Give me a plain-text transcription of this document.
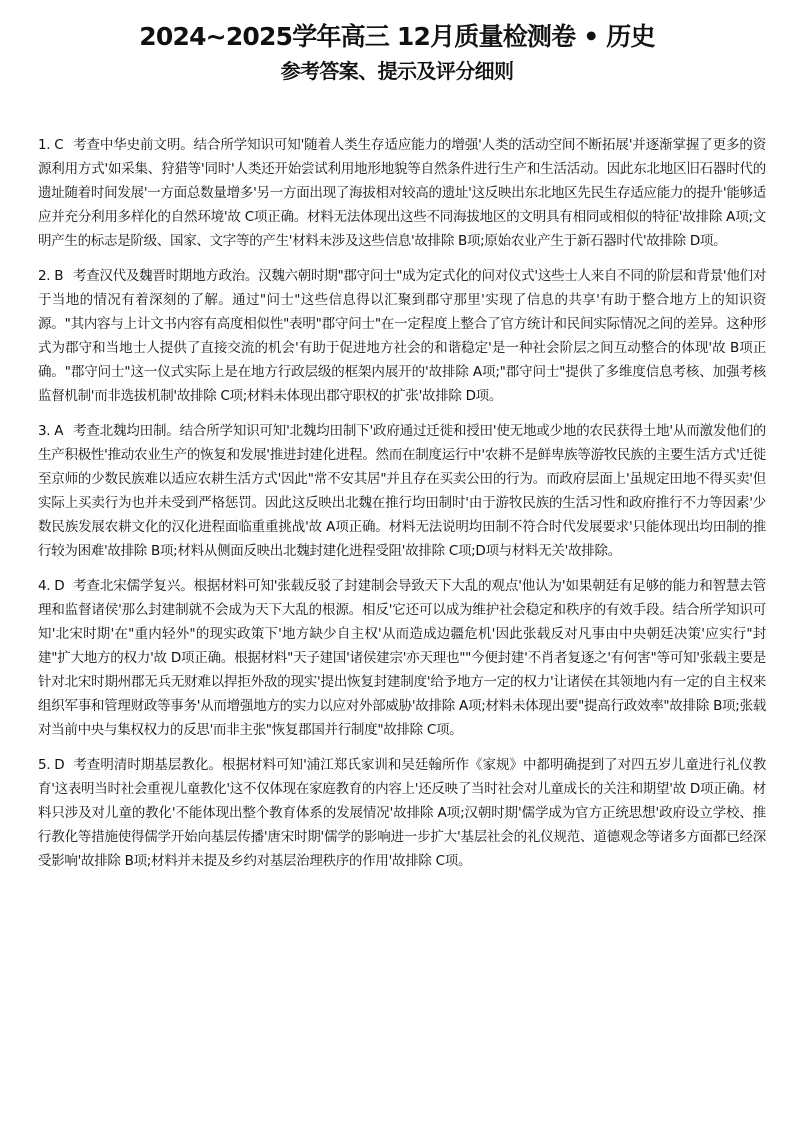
2024~2025学年高三 12月质量检测卷 • 历史

参考答案、提示及评分细则

1. C 考查中华史前文明。结合所学知识可知'随着人类生存适应能力的增强'人类的活动空间不断拓展'并逐渐掌握了更多的资源利用方式'如采集、狩猎等'同时'人类还开始尝试利用地形地貌等自然条件进行生产和生活活动。因此东北地区旧石器时代的遗址随着时间发展'一方面总数量增多'另一方面出现了海拔相对较高的遗址'这反映出东北地区先民生存适应能力的提升'能够适应并充分利用多样化的自然环境'故 C项正确。材料无法体现出这些不同海拔地区的文明具有相同或相似的特征'故排除 A项;文明产生的标志是阶级、国家、文字等的产生'材料未涉及这些信息'故排除 B项;原始农业产生于新石器时代'故排除 D项。

2. B 考查汉代及魏晋时期地方政治。汉魏六朝时期"郡守问士"成为定式化的问对仪式'这些士人来自不同的阶层和背景'他们对于当地的情况有着深刻的了解。通过"问士"这些信息得以汇聚到郡守那里'实现了信息的共享'有助于整合地方上的知识资源。"其内容与上计文书内容有高度相似性"表明"郡守问士"在一定程度上整合了官方统计和民间实际情况之间的差异。这种形式为郡守和当地士人提供了直接交流的机会'有助于促进地方社会的和谐稳定'是一种社会阶层之间互动整合的体现'故 B项正确。"郡守问士"这一仪式实际上是在地方行政层级的框架内展开的'故排除 A项;"郡守问士"提供了多维度信息考核、加强考核监督机制'而非选拔机制'故排除 C项;材料未体现出郡守职权的扩张'故排除 D项。

3. A 考查北魏均田制。结合所学知识可知'北魏均田制下'政府通过迁徙和授田'使无地或少地的农民获得土地'从而激发他们的生产积极性'推动农业生产的恢复和发展'推进封建化进程。然而在制度运行中'农耕不是鲜卑族等游牧民族的主要生活方式'迁徙至京师的少数民族难以适应农耕生活方式'因此"常不安其居"并且存在买卖公田的行为。而政府层面上'虽规定田地不得买卖'但实际上买卖行为也并未受到严格惩罚。因此这反映出北魏在推行均田制时'由于游牧民族的生活习性和政府推行不力等因素'少数民族发展农耕文化的汉化进程面临重重挑战'故 A项正确。材料无法说明均田制不符合时代发展要求'只能体现出均田制的推行较为困难'故排除 B项;材料从侧面反映出北魏封建化进程受阻'故排除 C项;D项与材料无关'故排除。

4. D 考查北宋儒学复兴。根据材料可知'张载反驳了封建制会导致天下大乱的观点'他认为'如果朝廷有足够的能力和智慧去管理和监督诸侯'那么封建制就不会成为天下大乱的根源。相反'它还可以成为维护社会稳定和秩序的有效手段。结合所学知识可知'北宋时期'在"重内轻外"的现实政策下'地方缺少自主权'从而造成边疆危机'因此张载反对凡事由中央朝廷决策'应实行"封建"扩大地方的权力'故 D项正确。根据材料"天子建国'诸侯建宗'亦天理也""今便封建'不肖者复逐之'有何害"等可知'张载主要是针对北宋时期州郡无兵无财难以捍拒外敌的现实'提出恢复封建制度'给予地方一定的权力'让诸侯在其领地内有一定的自主权来组织军事和管理财政等事务'从而增强地方的实力以应对外部威胁'故排除 A项;材料未体现出要"提高行政效率"故排除 B项;张载对当前中央与集权权力的反思'而非主张"恢复郡国并行制度"故排除 C项。

5. D 考查明清时期基层教化。根据材料可知'浦江郑氏家训和吴廷翰所作《家规》中都明确提到了对四五岁儿童进行礼仪教育'这表明当时社会重视儿童教化'这不仅体现在家庭教育的内容上'还反映了当时社会对儿童成长的关注和期望'故 D项正确。材料只涉及对儿童的教化'不能体现出整个教育体系的发展情况'故排除 A项;汉朝时期'儒学成为官方正统思想'政府设立学校、推行教化等措施使得儒学开始向基层传播'唐宋时期'儒学的影响进一步扩大'基层社会的礼仪规范、道德观念等诸多方面都已经深受影响'故排除 B项;材料并未提及乡约对基层治理秩序的作用'故排除 C项。
